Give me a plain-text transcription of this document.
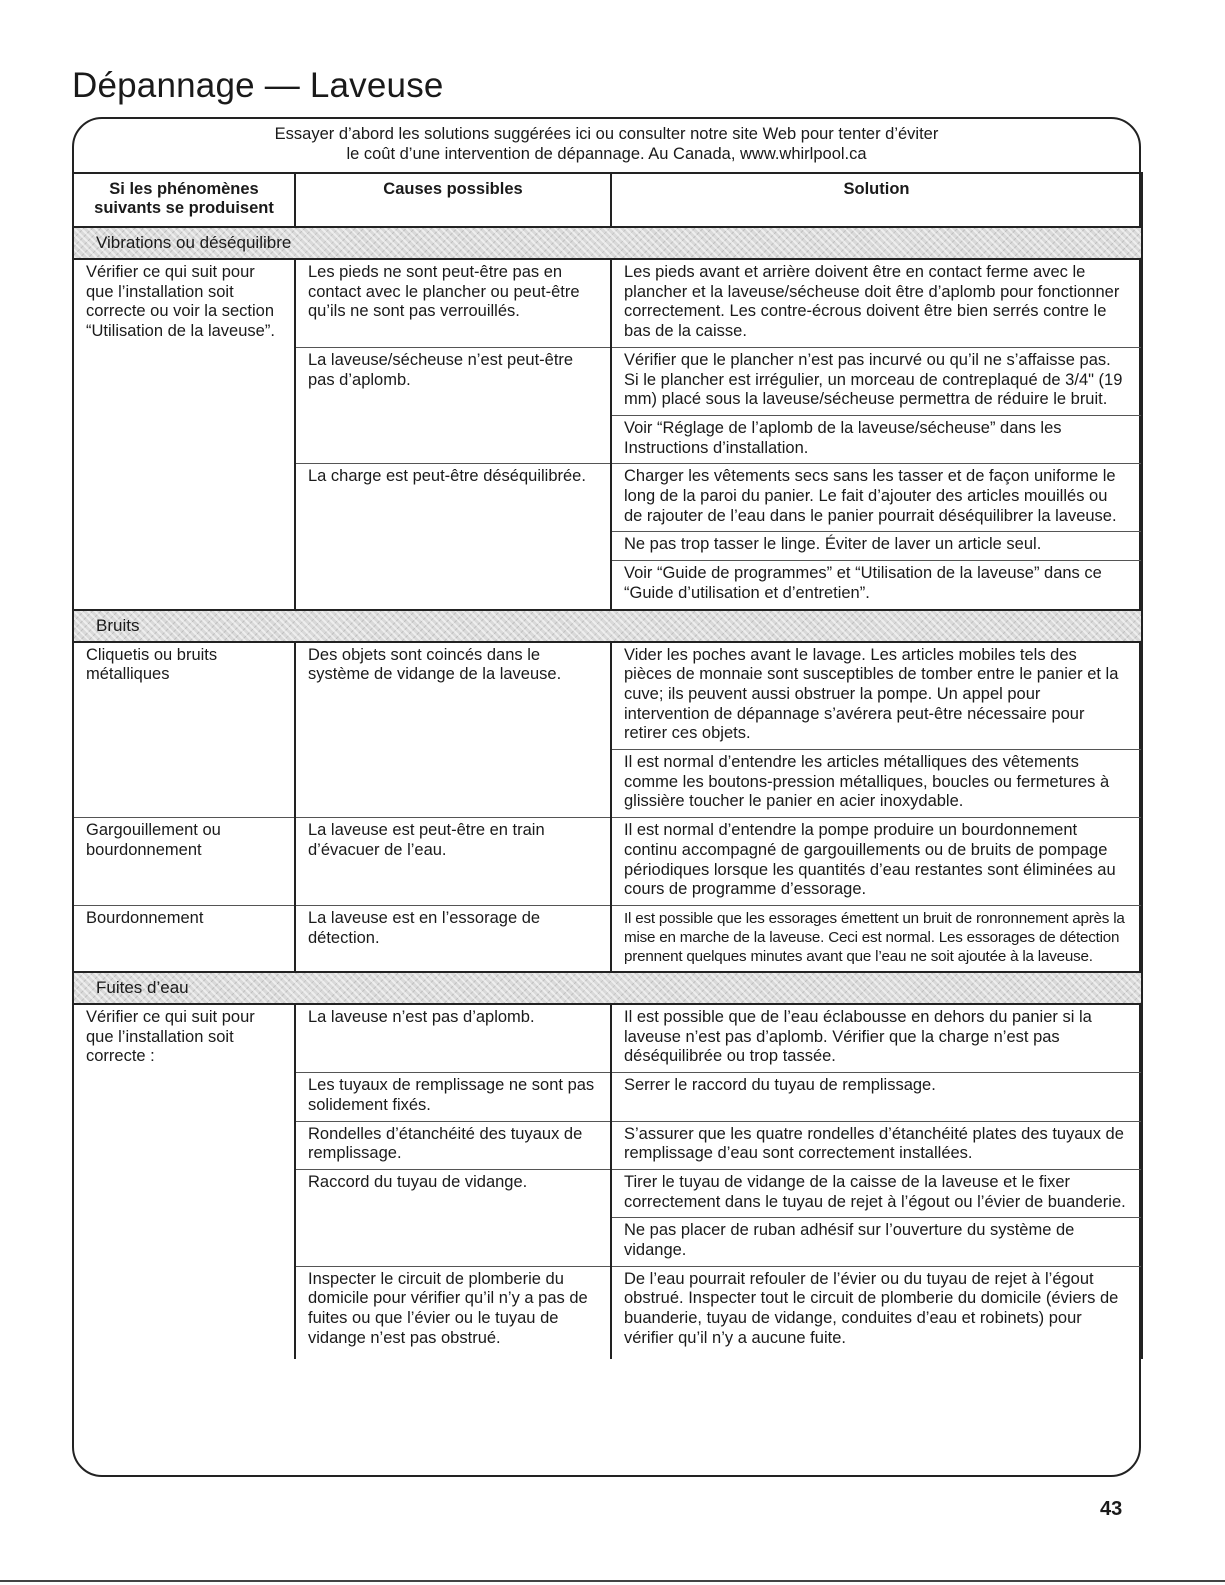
Dépannage — Laveuse
Essayer d’abord les solutions suggérées ici ou consulter notre site Web pour tenter d’éviter
le coût d’une intervention de dépannage. Au Canada, www.whirlpool.ca
Si les phénomènes
suivants se produisent	Causes possibles	Solution
Vibrations ou déséquilibre		
Vérifier ce qui suit pour que l’installation soit correcte ou voir la section “Utilisation de la laveuse”.	Les pieds ne sont peut-être pas en contact avec le plancher ou peut-être qu’ils ne sont pas verrouillés.	Les pieds avant et arrière doivent être en contact ferme avec le plancher et la laveuse/sécheuse doit être d’aplomb pour fonctionner correctement. Les contre-écrous doivent être bien serrés contre le bas de la caisse.
	La laveuse/sécheuse n’est peut-être pas d’aplomb.	Vérifier que le plancher n’est pas incurvé ou qu’il ne s’affaisse pas. Si le plancher est irrégulier, un morceau de contreplaqué de 3/4" (19 mm) placé sous la laveuse/sécheuse permettra de réduire le bruit.
		Voir “Réglage de l’aplomb de la laveuse/sécheuse” dans les Instructions d’installation.
	La charge est peut-être déséquilibrée.	Charger les vêtements secs sans les tasser et de façon uniforme le long de la paroi du panier. Le fait d’ajouter des articles mouillés ou de rajouter de l’eau dans le panier pourrait déséquilibrer la laveuse.
		Ne pas trop tasser le linge. Éviter de laver un article seul.
		Voir “Guide de programmes” et “Utilisation de la laveuse” dans ce “Guide d’utilisation et d’entretien”.
Bruits		
Cliquetis ou bruits métalliques	Des objets sont coincés dans le système de vidange de la laveuse.	Vider les poches avant le lavage. Les articles mobiles tels des pièces de monnaie sont susceptibles de tomber entre le panier et la cuve; ils peuvent aussi obstruer la pompe. Un appel pour intervention de dépannage s’avérera peut-être nécessaire pour retirer ces objets.
		Il est normal d’entendre les articles métalliques des vêtements comme les boutons-pression métalliques, boucles ou fermetures à glissière toucher le panier en acier inoxydable.
Gargouillement ou bourdonnement	La laveuse est peut-être en train d’évacuer de l’eau.	Il est normal d’entendre la pompe produire un bourdonnement continu accompagné de gargouillements ou de bruits de pompage périodiques lorsque les quantités d’eau restantes sont éliminées au cours de programme d’essorage.
Bourdonnement	La laveuse est en l’essorage de détection.	Il est possible que les essorages émettent un bruit de ronronnement après la mise en marche de la laveuse. Ceci est normal. Les essorages de détection prennent quelques minutes avant que l’eau ne soit ajoutée à la laveuse.
Fuites d’eau		
Vérifier ce qui suit pour que l’installation soit correcte :	La laveuse n’est pas d’aplomb.	Il est possible que de l’eau éclabousse en dehors du panier si la laveuse n’est pas d’aplomb. Vérifier que la charge n’est pas déséquilibrée ou trop tassée.
	Les tuyaux de remplissage ne sont pas solidement fixés.	Serrer le raccord du tuyau de remplissage.
	Rondelles d’étanchéité des tuyaux de remplissage.	S’assurer que les quatre rondelles d’étanchéité plates des tuyaux de remplissage d’eau sont correctement installées.
	Raccord du tuyau de vidange.	Tirer le tuyau de vidange de la caisse de la laveuse et le fixer correctement dans le tuyau de rejet à l’égout ou l’évier de buanderie.
		Ne pas placer de ruban adhésif sur l’ouverture du système de vidange.
	Inspecter le circuit de plomberie du domicile pour vérifier qu’il n’y a pas de fuites ou que l’évier ou le tuyau de vidange n’est pas obstrué.	De l’eau pourrait refouler de l’évier ou du tuyau de rejet à l’égout obstrué. Inspecter tout le circuit de plomberie du domicile (éviers de buanderie, tuyau de vidange, conduites d’eau et robinets) pour vérifier qu’il n’y a aucune fuite.
43
